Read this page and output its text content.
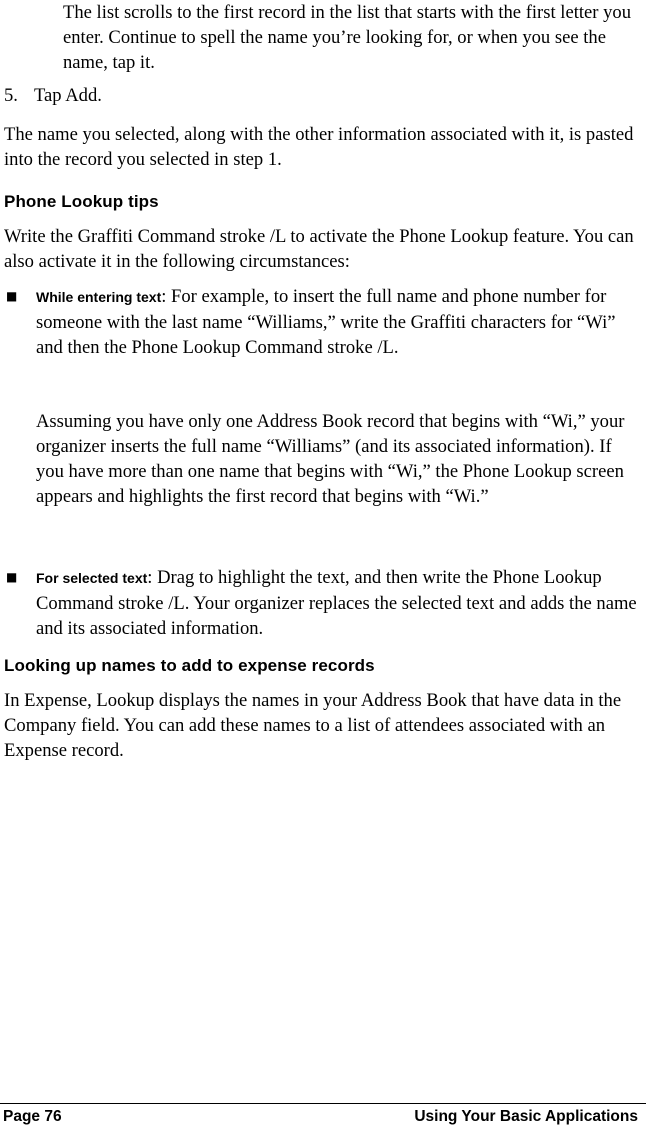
The list scrolls to the first record in the list that starts with the first letter you enter. Continue to spell the name you’re looking for, or when you see the name, tap it.
5. Tap Add.
The name you selected, along with the other information associated with it, is pasted into the record you selected in step 1.
Phone Lookup tips
Write the Graffiti Command stroke /L to activate the Phone Lookup feature. You can also activate it in the following circumstances:
■ While entering text: For example, to insert the full name and phone number for someone with the last name “Williams,” write the Graffiti characters for “Wi” and then the Phone Lookup Command stroke /L.
Assuming you have only one Address Book record that begins with “Wi,” your organizer inserts the full name “Williams” (and its associated information). If you have more than one name that begins with “Wi,” the Phone Lookup screen appears and highlights the first record that begins with “Wi.”
■ For selected text: Drag to highlight the text, and then write the Phone Lookup Command stroke /L. Your organizer replaces the selected text and adds the name and its associated information.
Looking up names to add to expense records
In Expense, Lookup displays the names in your Address Book that have data in the Company field. You can add these names to a list of attendees associated with an Expense record.
Page 76	Using Your Basic Applications
